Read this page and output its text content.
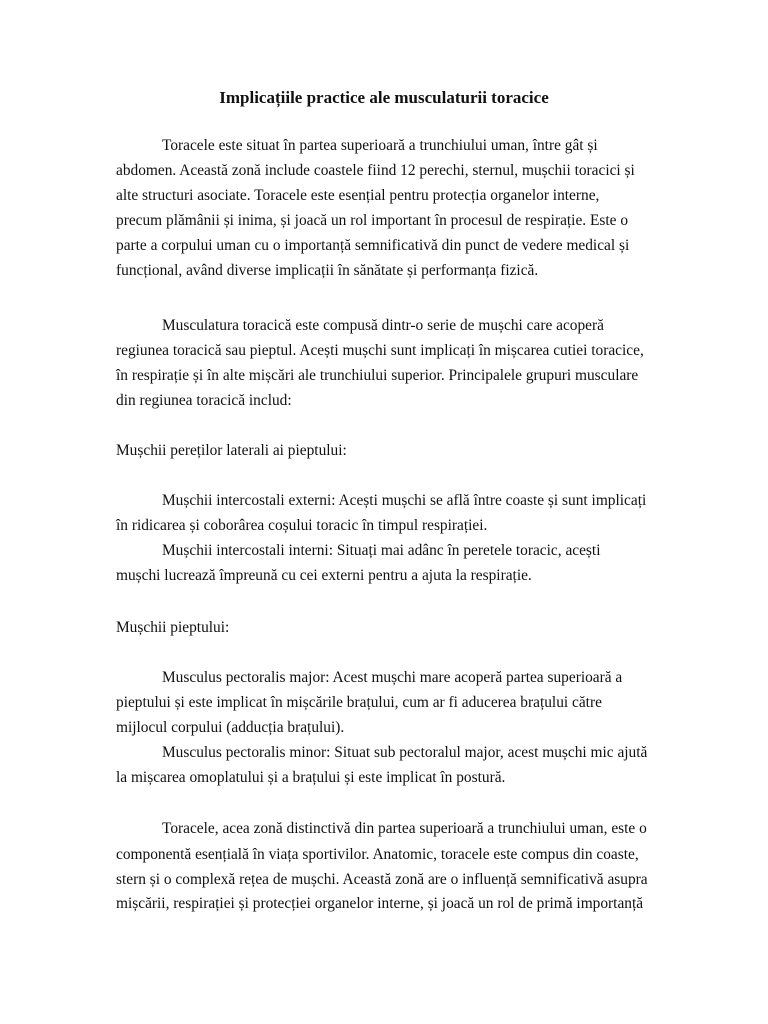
Implicațiile practice ale musculaturii toracice

Toracele este situat în partea superioară a trunchiului uman, între gât și

abdomen. Această zonă include coastele fiind 12 perechi, sternul, mușchii toracici și

alte structuri asociate. Toracele este esențial pentru protecția organelor interne,

precum plămânii și inima, și joacă un rol important în procesul de respirație. Este o

parte a corpului uman cu o importanță semnificativă din punct de vedere medical și

funcțional, având diverse implicații în sănătate și performanța fizică.

Musculatura toracică este compusă dintr-o serie de mușchi care acoperă

regiunea toracică sau pieptul. Acești mușchi sunt implicați în mișcarea cutiei toracice,

în respirație și în alte mișcări ale trunchiului superior. Principalele grupuri musculare

din regiunea toracică includ:

Mușchii pereților laterali ai pieptului:

Mușchii intercostali externi: Acești mușchi se află între coaste și sunt implicați

în ridicarea și coborârea coșului toracic în timpul respirației.

Mușchii intercostali interni: Situați mai adânc în peretele toracic, acești

mușchi lucrează împreună cu cei externi pentru a ajuta la respirație.

Mușchii pieptului:

Musculus pectoralis major: Acest mușchi mare acoperă partea superioară a

pieptului și este implicat în mișcările brațului, cum ar fi aducerea brațului către

mijlocul corpului (adducția brațului).

Musculus pectoralis minor: Situat sub pectoralul major, acest mușchi mic ajută

la mișcarea omoplatului și a brațului și este implicat în postură.

Toracele, acea zonă distinctivă din partea superioară a trunchiului uman, este o

componentă esențială în viața sportivilor. Anatomic, toracele este compus din coaste,

stern și o complexă rețea de mușchi. Această zonă are o influență semnificativă asupra

mișcării, respirației și protecției organelor interne, și joacă un rol de primă importanță
